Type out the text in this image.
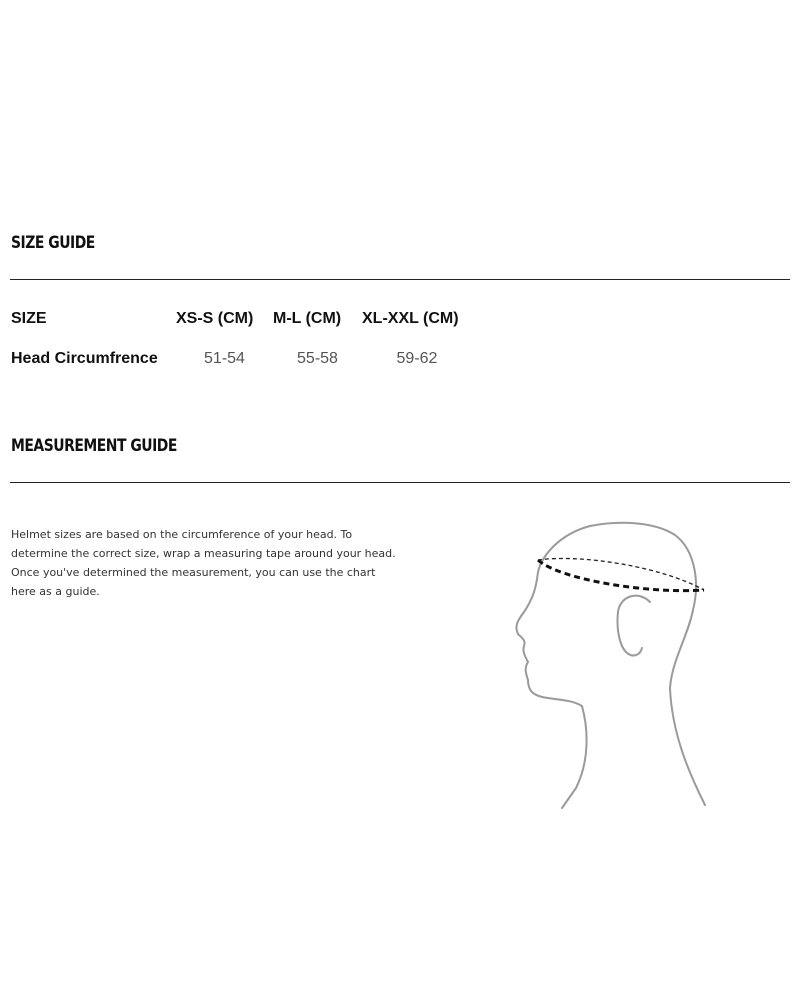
SIZE GUIDE
SIZE	XS-S (CM)	M-L (CM)	XL-XXL (CM)
Head Circumfrence	51-54	55-58	59-62
MEASUREMENT GUIDE

Helmet sizes are based on the circumference of your head. To determine the correct size, wrap a measuring tape around your head. Once you've determined the measurement, you can use the chart here as a guide.
